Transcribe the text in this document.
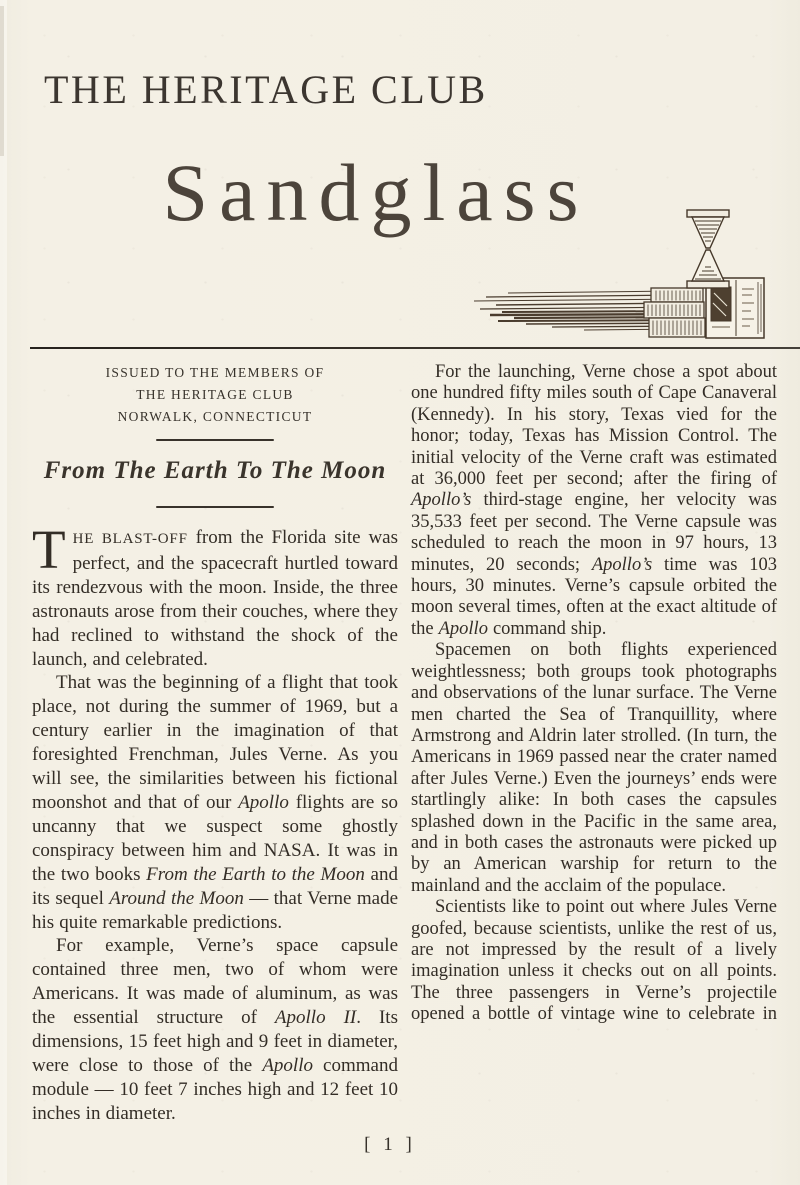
THE HERITAGE CLUB
Sandglass
ISSUED TO THE MEMBERS OF
THE HERITAGE CLUB
NORWALK, CONNECTICUT
From The Earth To The Moon

THE BLAST-OFF from the Florida site was perfect, and the spacecraft hurtled toward its rendezvous with the moon. Inside, the three astronauts arose from their couches, where they had reclined to withstand the shock of the launch, and celebrated.

That was the beginning of a flight that took place, not during the summer of 1969, but a century earlier in the imagination of that foresighted Frenchman, Jules Verne. As you will see, the similarities between his fictional moonshot and that of our Apollo flights are so uncanny that we suspect some ghostly conspiracy between him and NASA. It was in the two books From the Earth to the Moon and its sequel Around the Moon — that Verne made his quite remarkable predictions.

For example, Verne’s space capsule contained three men, two of whom were Americans. It was made of aluminum, as was the essential structure of Apollo II. Its dimensions, 15 feet high and 9 feet in diameter, were close to those of the Apollo command module — 10 feet 7 inches high and 12 feet 10 inches in diameter.

For the launching, Verne chose a spot about one hundred fifty miles south of Cape Canaveral (Kennedy). In his story, Texas vied for the honor; today, Texas has Mission Control. The initial velocity of the Verne craft was estimated at 36,000 feet per second; after the firing of Apollo’s third-stage engine, her velocity was 35,533 feet per second. The Verne capsule was scheduled to reach the moon in 97 hours, 13 minutes, 20 seconds; Apollo’s time was 103 hours, 30 minutes. Verne’s capsule orbited the moon several times, often at the exact altitude of the Apollo command ship.

Spacemen on both flights experienced weightlessness; both groups took photographs and observations of the lunar surface. The Verne men charted the Sea of Tranquillity, where Armstrong and Aldrin later strolled. (In turn, the Americans in 1969 passed near the crater named after Jules Verne.) Even the journeys’ ends were startlingly alike: In both cases the capsules splashed down in the Pacific in the same area, and in both cases the astronauts were picked up by an American warship for return to the mainland and the acclaim of the populace.

Scientists like to point out where Jules Verne goofed, because scientists, unlike the rest of us, are not impressed by the result of a lively imagination unless it checks out on all points. The three passengers in Verne’s projectile opened a bottle of vintage wine to celebrate in

[ 1 ]
